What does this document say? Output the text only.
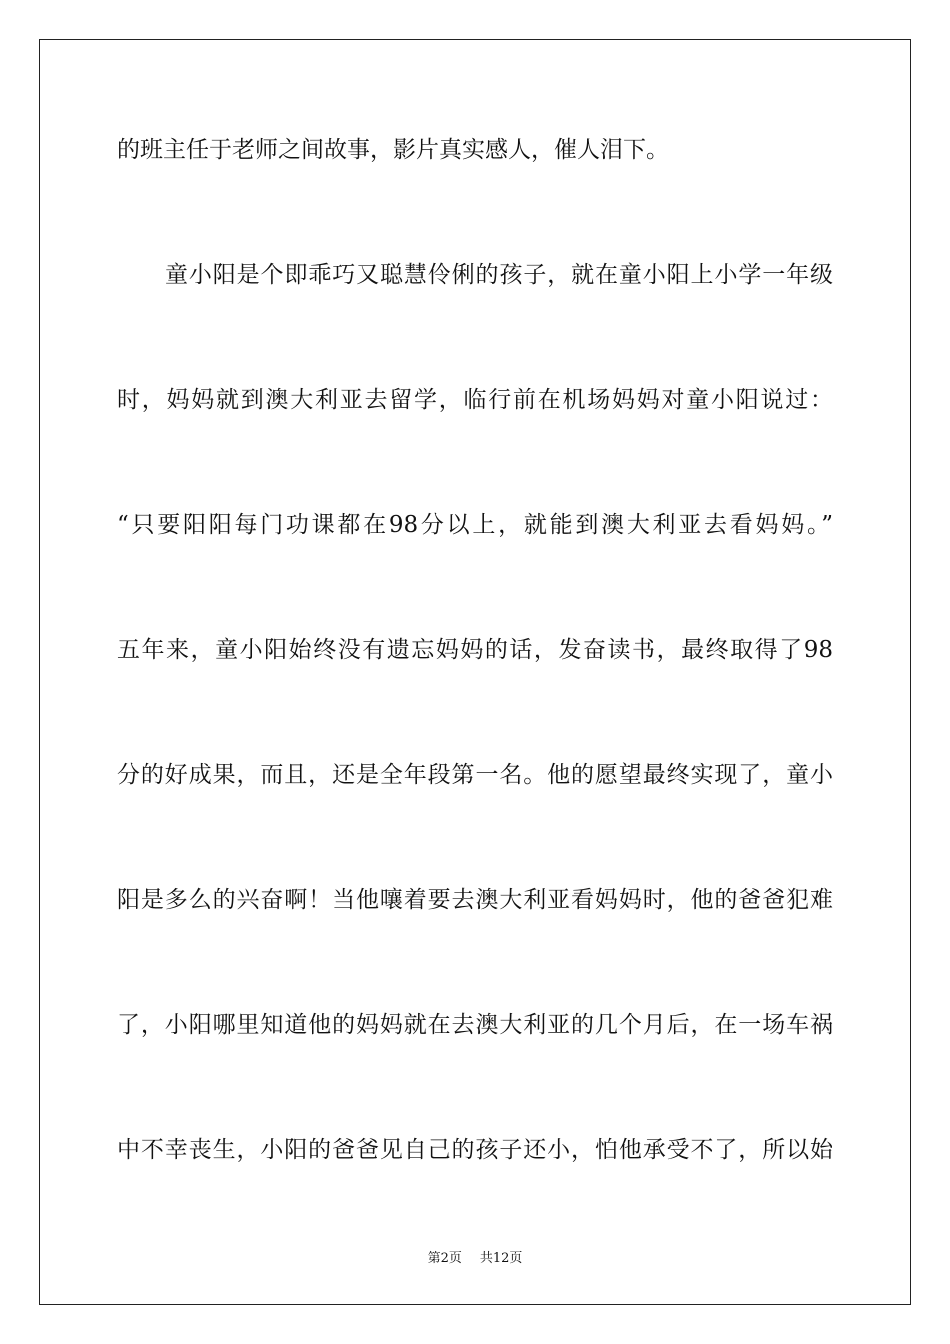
的班主任于老师之间故事，影片真实感人，催人泪下。
童小阳是个即乖巧又聪慧伶俐的孩子，就在童小阳上小学一年级
时，妈妈就到澳大利亚去留学，临行前在机场妈妈对童小阳说过：
“只要阳阳每门功课都在98分以上，就能到澳大利亚去看妈妈。”
五年来，童小阳始终没有遗忘妈妈的话，发奋读书，最终取得了98
分的好成果，而且，还是全年段第一名。他的愿望最终实现了，童小
阳是多么的兴奋啊！当他嚷着要去澳大利亚看妈妈时，他的爸爸犯难
了，小阳哪里知道他的妈妈就在去澳大利亚的几个月后，在一场车祸
中不幸丧生，小阳的爸爸见自己的孩子还小，怕他承受不了，所以始
第2页 共12页
